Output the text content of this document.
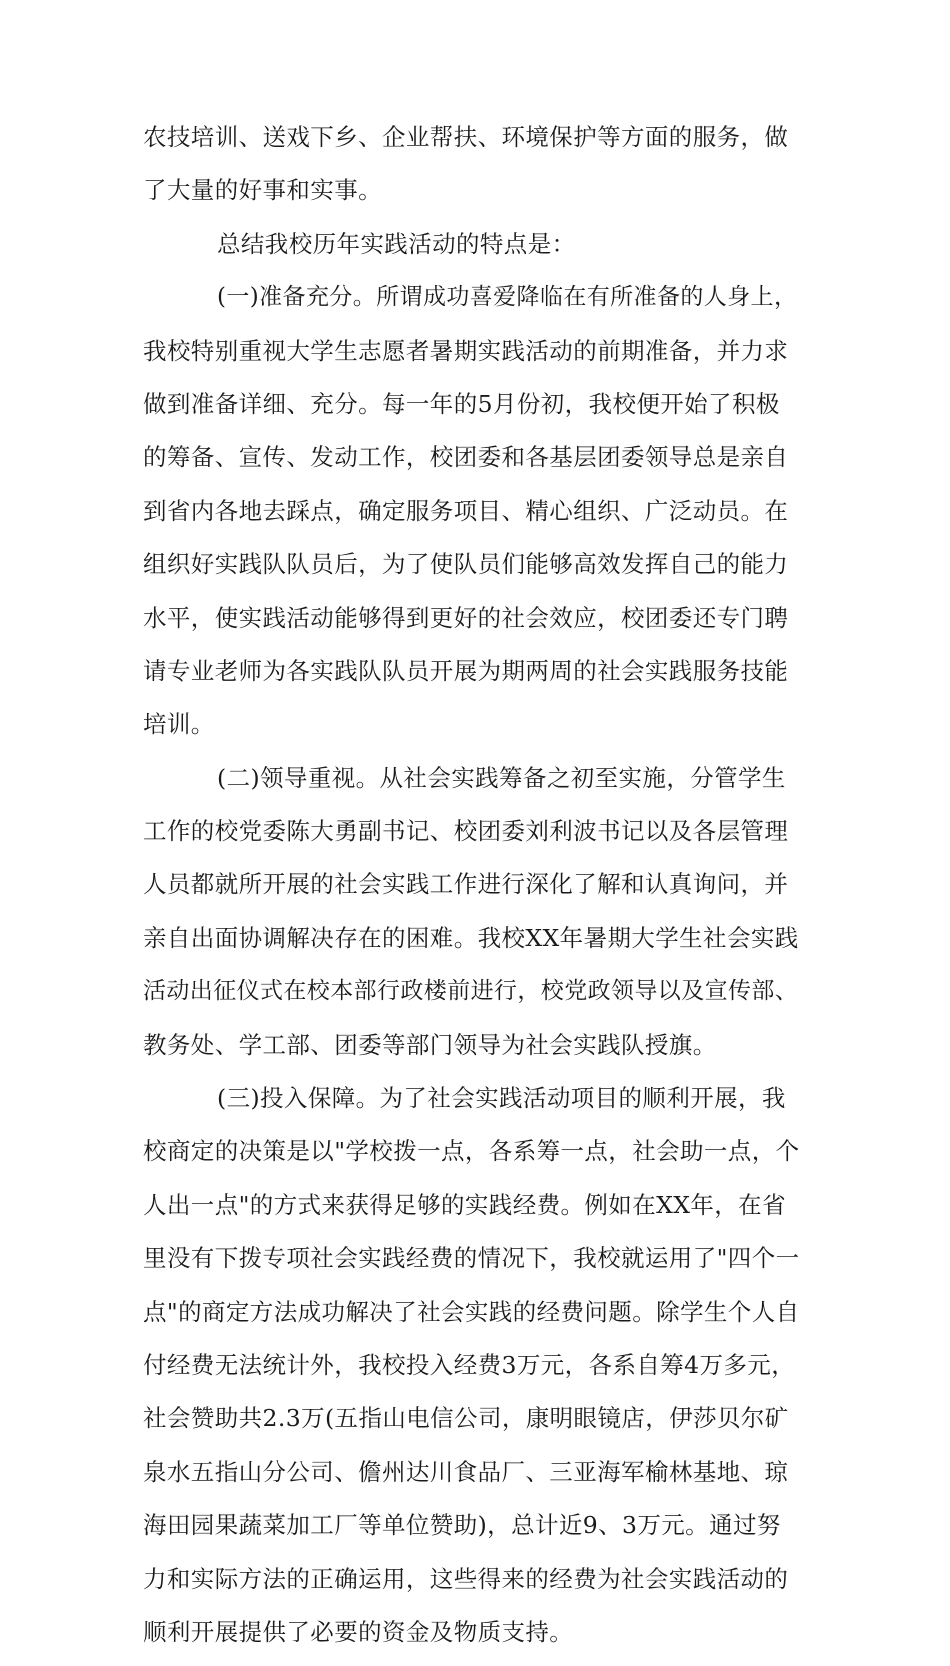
农技培训、送戏下乡、企业帮扶、环境保护等方面的服务，做
了大量的好事和实事。
总结我校历年实践活动的特点是：
(一)准备充分。所谓成功喜爱降临在有所准备的人身上，
我校特别重视大学生志愿者暑期实践活动的前期准备，并力求
做到准备详细、充分。每一年的5月份初，我校便开始了积极
的筹备、宣传、发动工作，校团委和各基层团委领导总是亲自
到省内各地去踩点，确定服务项目、精心组织、广泛动员。在
组织好实践队队员后，为了使队员们能够高效发挥自己的能力
水平，使实践活动能够得到更好的社会效应，校团委还专门聘
请专业老师为各实践队队员开展为期两周的社会实践服务技能
培训。
(二)领导重视。从社会实践筹备之初至实施，分管学生
工作的校党委陈大勇副书记、校团委刘利波书记以及各层管理
人员都就所开展的社会实践工作进行深化了解和认真询问，并
亲自出面协调解决存在的困难。我校XX年暑期大学生社会实践
活动出征仪式在校本部行政楼前进行，校党政领导以及宣传部、
教务处、学工部、团委等部门领导为社会实践队授旗。
(三)投入保障。为了社会实践活动项目的顺利开展，我
校商定的决策是以"学校拨一点，各系筹一点，社会助一点，个
人出一点"的方式来获得足够的实践经费。例如在XX年，在省
里没有下拨专项社会实践经费的情况下，我校就运用了"四个一
点"的商定方法成功解决了社会实践的经费问题。除学生个人自
付经费无法统计外，我校投入经费3万元，各系自筹4万多元，
社会赞助共2.3万(五指山电信公司，康明眼镜店，伊莎贝尔矿
泉水五指山分公司、儋州达川食品厂、三亚海军榆林基地、琼
海田园果蔬菜加工厂等单位赞助)，总计近9、3万元。通过努
力和实际方法的正确运用，这些得来的经费为社会实践活动的
顺利开展提供了必要的资金及物质支持。
